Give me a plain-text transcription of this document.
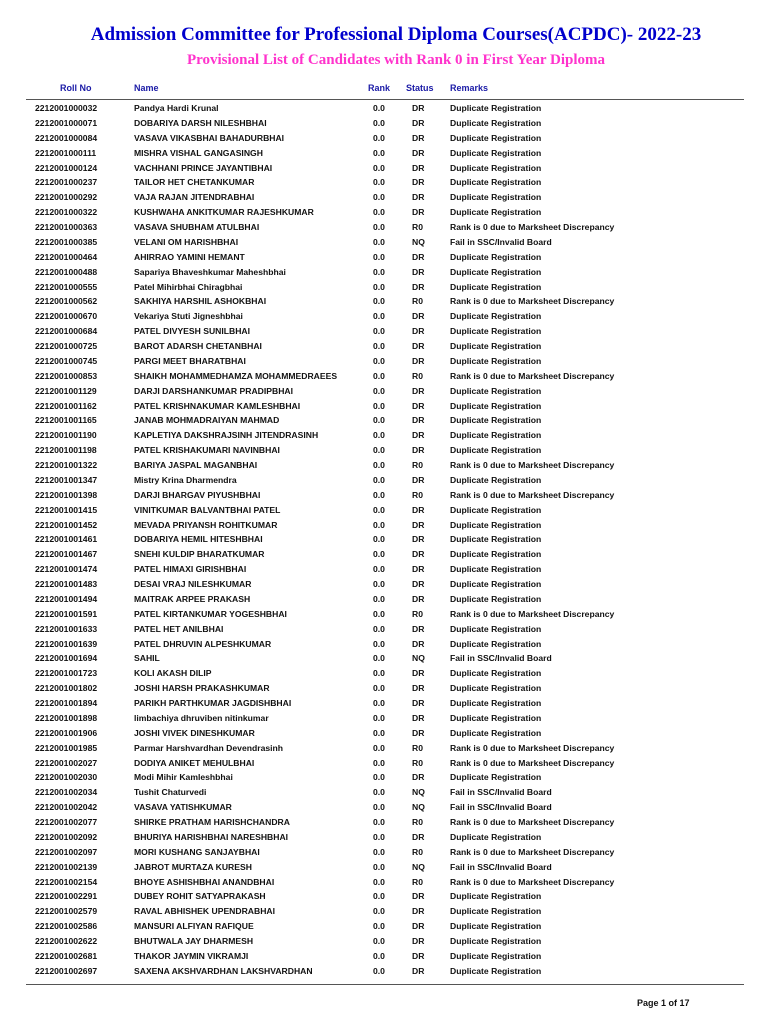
Admission Committee for Professional Diploma Courses(ACPDC)- 2022-23
Provisional List of Candidates with Rank 0 in First Year Diploma
Roll No	Name	Rank Status Remarks
2212001000032	Pandya Hardi Krunal	0.0	DR	Duplicate Registration
2212001000071	DOBARIYA DARSH NILESHBHAI	0.0	DR	Duplicate Registration
2212001000084	VASAVA VIKASBHAI BAHADURBHAI	0.0	DR	Duplicate Registration
2212001000111	MISHRA VISHAL GANGASINGH	0.0	DR	Duplicate Registration
2212001000124	VACHHANI PRINCE JAYANTIBHAI	0.0	DR	Duplicate Registration
2212001000237	TAILOR HET CHETANKUMAR	0.0	DR	Duplicate Registration
2212001000292	VAJA RAJAN JITENDRABHAI	0.0	DR	Duplicate Registration
2212001000322	KUSHWAHA ANKITKUMAR RAJESHKUMAR	0.0	DR	Duplicate Registration
2212001000363	VASAVA SHUBHAM ATULBHAI	0.0	R0	Rank is 0 due to Marksheet Discrepancy
2212001000385	VELANI OM HARISHBHAI	0.0	NQ	Fail in SSC/Invalid Board
2212001000464	AHIRRAO YAMINI HEMANT	0.0	DR	Duplicate Registration
2212001000488	Sapariya Bhaveshkumar Maheshbhai	0.0	DR	Duplicate Registration
2212001000555	Patel Mihirbhai Chiragbhai	0.0	DR	Duplicate Registration
2212001000562	SAKHIYA HARSHIL ASHOKBHAI	0.0	R0	Rank is 0 due to Marksheet Discrepancy
2212001000670	Vekariya Stuti Jigneshbhai	0.0	DR	Duplicate Registration
2212001000684	PATEL DIVYESH SUNILBHAI	0.0	DR	Duplicate Registration
2212001000725	BAROT ADARSH CHETANBHAI	0.0	DR	Duplicate Registration
2212001000745	PARGI MEET BHARATBHAI	0.0	DR	Duplicate Registration
2212001000853	SHAIKH MOHAMMEDHAMZA MOHAMMEDRAEES	0.0	R0	Rank is 0 due to Marksheet Discrepancy
2212001001129	DARJI DARSHANKUMAR PRADIPBHAI	0.0	DR	Duplicate Registration
2212001001162	PATEL KRISHNAKUMAR KAMLESHBHAI	0.0	DR	Duplicate Registration
2212001001165	JANAB MOHMADRAIYAN MAHMAD	0.0	DR	Duplicate Registration
2212001001190	KAPLETIYA DAKSHRAJSINH JITENDRASINH	0.0	DR	Duplicate Registration
2212001001198	PATEL KRISHAKUMARI NAVINBHAI	0.0	DR	Duplicate Registration
2212001001322	BARIYA JASPAL MAGANBHAI	0.0	R0	Rank is 0 due to Marksheet Discrepancy
2212001001347	Mistry Krina Dharmendra	0.0	DR	Duplicate Registration
2212001001398	DARJI BHARGAV PIYUSHBHAI	0.0	R0	Rank is 0 due to Marksheet Discrepancy
2212001001415	VINITKUMAR BALVANTBHAI PATEL	0.0	DR	Duplicate Registration
2212001001452	MEVADA PRIYANSH ROHITKUMAR	0.0	DR	Duplicate Registration
2212001001461	DOBARIYA HEMIL HITESHBHAI	0.0	DR	Duplicate Registration
2212001001467	SNEHI KULDIP BHARATKUMAR	0.0	DR	Duplicate Registration
2212001001474	PATEL HIMAXI GIRISHBHAI	0.0	DR	Duplicate Registration
2212001001483	DESAI VRAJ NILESHKUMAR	0.0	DR	Duplicate Registration
2212001001494	MAITRAK ARPEE PRAKASH	0.0	DR	Duplicate Registration
2212001001591	PATEL KIRTANKUMAR YOGESHBHAI	0.0	R0	Rank is 0 due to Marksheet Discrepancy
2212001001633	PATEL HET ANILBHAI	0.0	DR	Duplicate Registration
2212001001639	PATEL DHRUVIN ALPESHKUMAR	0.0	DR	Duplicate Registration
2212001001694	SAHIL	0.0	NQ	Fail in SSC/Invalid Board
2212001001723	KOLI AKASH DILIP	0.0	DR	Duplicate Registration
2212001001802	JOSHI HARSH PRAKASHKUMAR	0.0	DR	Duplicate Registration
2212001001894	PARIKH PARTHKUMAR JAGDISHBHAI	0.0	DR	Duplicate Registration
2212001001898	limbachiya dhruviben nitinkumar	0.0	DR	Duplicate Registration
2212001001906	JOSHI VIVEK DINESHKUMAR	0.0	DR	Duplicate Registration
2212001001985	Parmar Harshvardhan Devendrasinh	0.0	R0	Rank is 0 due to Marksheet Discrepancy
2212001002027	DODIYA ANIKET MEHULBHAI	0.0	R0	Rank is 0 due to Marksheet Discrepancy
2212001002030	Modi Mihir Kamleshbhai	0.0	DR	Duplicate Registration
2212001002034	Tushit Chaturvedi	0.0	NQ	Fail in SSC/Invalid Board
2212001002042	VASAVA YATISHKUMAR	0.0	NQ	Fail in SSC/Invalid Board
2212001002077	SHIRKE PRATHAM HARISHCHANDRA	0.0	R0	Rank is 0 due to Marksheet Discrepancy
2212001002092	BHURIYA HARISHBHAI NARESHBHAI	0.0	DR	Duplicate Registration
2212001002097	MORI KUSHANG SANJAYBHAI	0.0	R0	Rank is 0 due to Marksheet Discrepancy
2212001002139	JABROT MURTAZA KURESH	0.0	NQ	Fail in SSC/Invalid Board
2212001002154	BHOYE ASHISHBHAI ANANDBHAI	0.0	R0	Rank is 0 due to Marksheet Discrepancy
2212001002291	DUBEY ROHIT SATYAPRAKASH	0.0	DR	Duplicate Registration
2212001002579	RAVAL ABHISHEK UPENDRABHAI	0.0	DR	Duplicate Registration
2212001002586	MANSURI ALFIYAN RAFIQUE	0.0	DR	Duplicate Registration
2212001002622	BHUTWALA JAY DHARMESH	0.0	DR	Duplicate Registration
2212001002681	THAKOR JAYMIN VIKRAMJI	0.0	DR	Duplicate Registration
2212001002697	SAXENA AKSHVARDHAN LAKSHVARDHAN	0.0	DR	Duplicate Registration
Page 1 of 17
